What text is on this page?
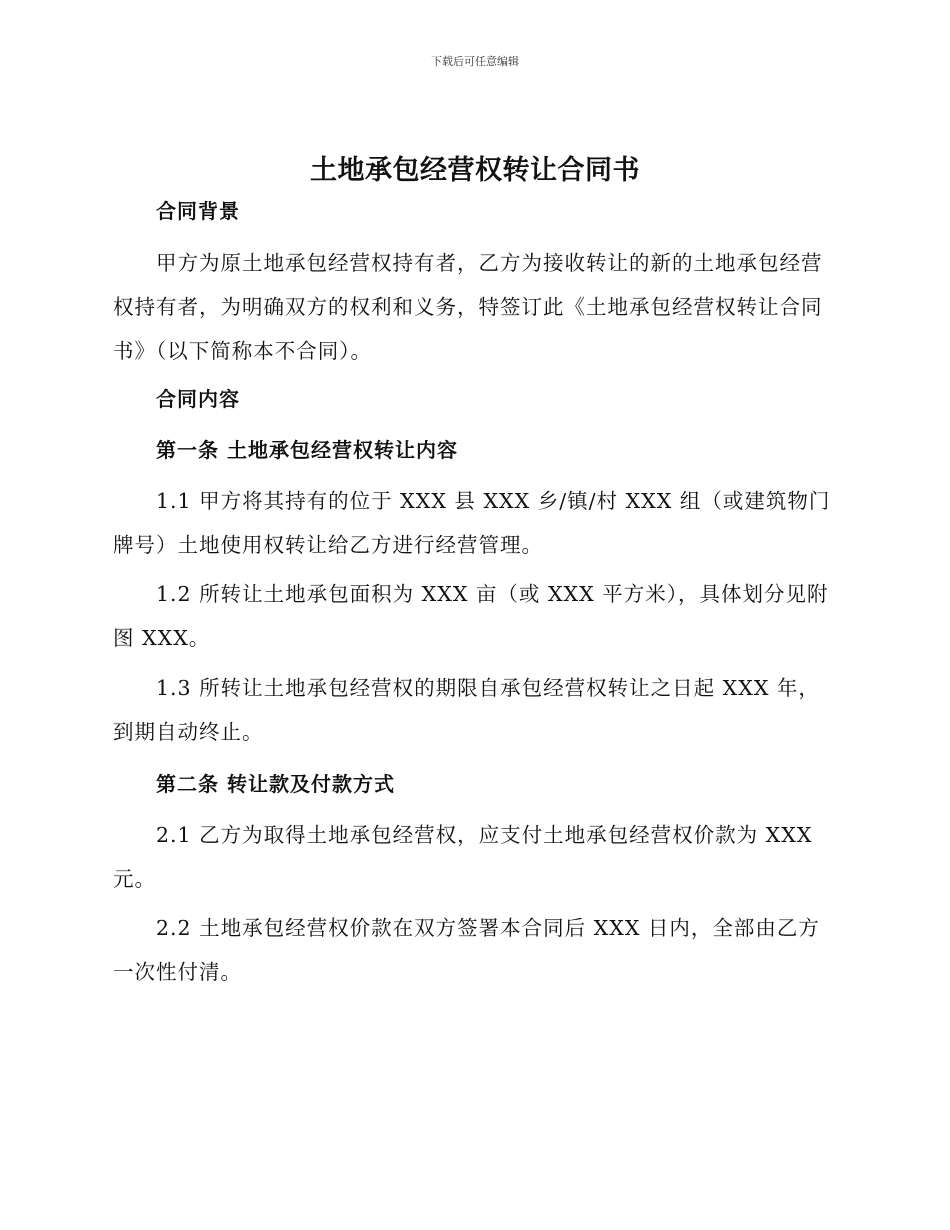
下载后可任意编辑
土地承包经营权转让合同书
合同背景
甲方为原土地承包经营权持有者，乙方为接收转让的新的土地承包经营权持有者，为明确双方的权利和义务，特签订此《土地承包经营权转让合同书》（以下简称本不合同）。
合同内容
第一条 土地承包经营权转让内容
1.1 甲方将其持有的位于 XXX 县 XXX 乡/镇/村 XXX 组（或建筑物门牌号）土地使用权转让给乙方进行经营管理。
1.2 所转让土地承包面积为 XXX 亩（或 XXX 平方米），具体划分见附图 XXX。
1.3 所转让土地承包经营权的期限自承包经营权转让之日起 XXX 年，到期自动终止。
第二条 转让款及付款方式
2.1 乙方为取得土地承包经营权，应支付土地承包经营权价款为 XXX 元。
2.2 土地承包经营权价款在双方签署本合同后 XXX 日内，全部由乙方一次性付清。
